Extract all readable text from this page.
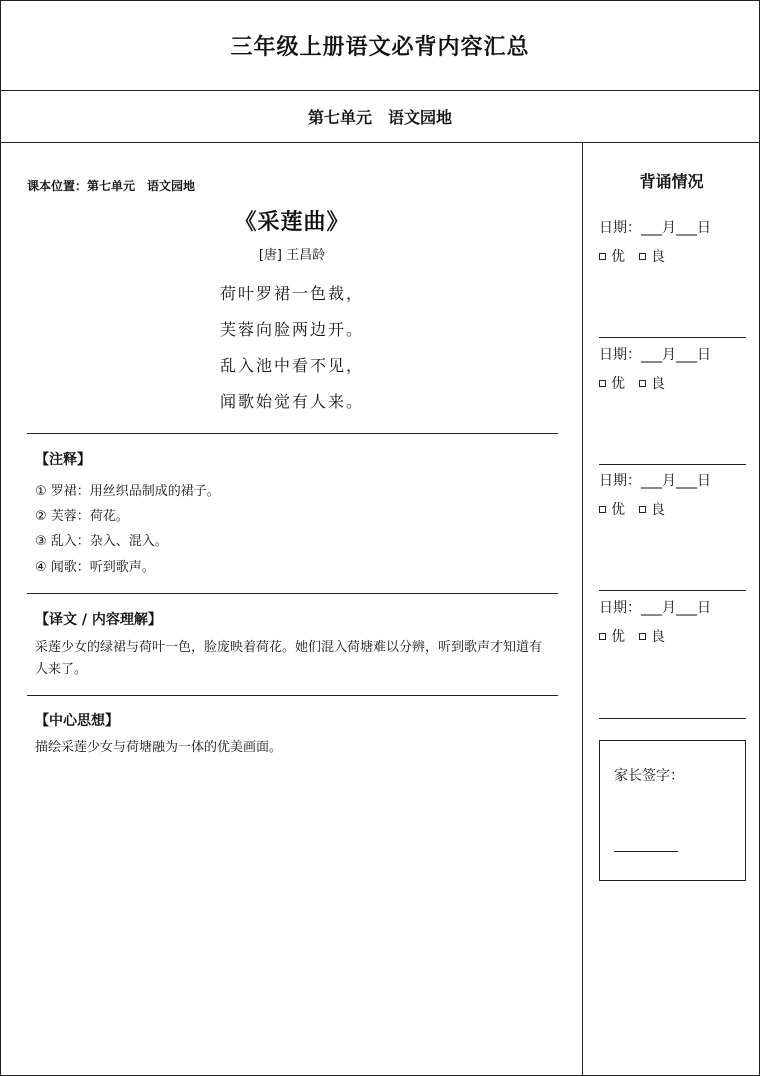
三年级上册语文必背内容汇总
第七单元　语文园地
课本位置：第七单元　语文园地
《采莲曲》
[唐] 王昌龄
荷叶罗裙一色裁，
芙蓉向脸两边开。
乱入池中看不见，
闻歌始觉有人来。
【注释】
① 罗裙：用丝织品制成的裙子。
② 芙蓉：荷花。
③ 乱入：杂入、混入。
④ 闻歌：听到歌声。
【译文 / 内容理解】
采莲少女的绿裙与荷叶一色，脸庞映着荷花。她们混入荷塘难以分辨，听到歌声才知道有人来了。
【中心思想】
描绘采莲少女与荷塘融为一体的优美画面。
背诵情况
日期：___月___日
优 良
日期：___月___日
优 良
日期：___月___日
优 良
日期：___月___日
优 良
家长签字：
